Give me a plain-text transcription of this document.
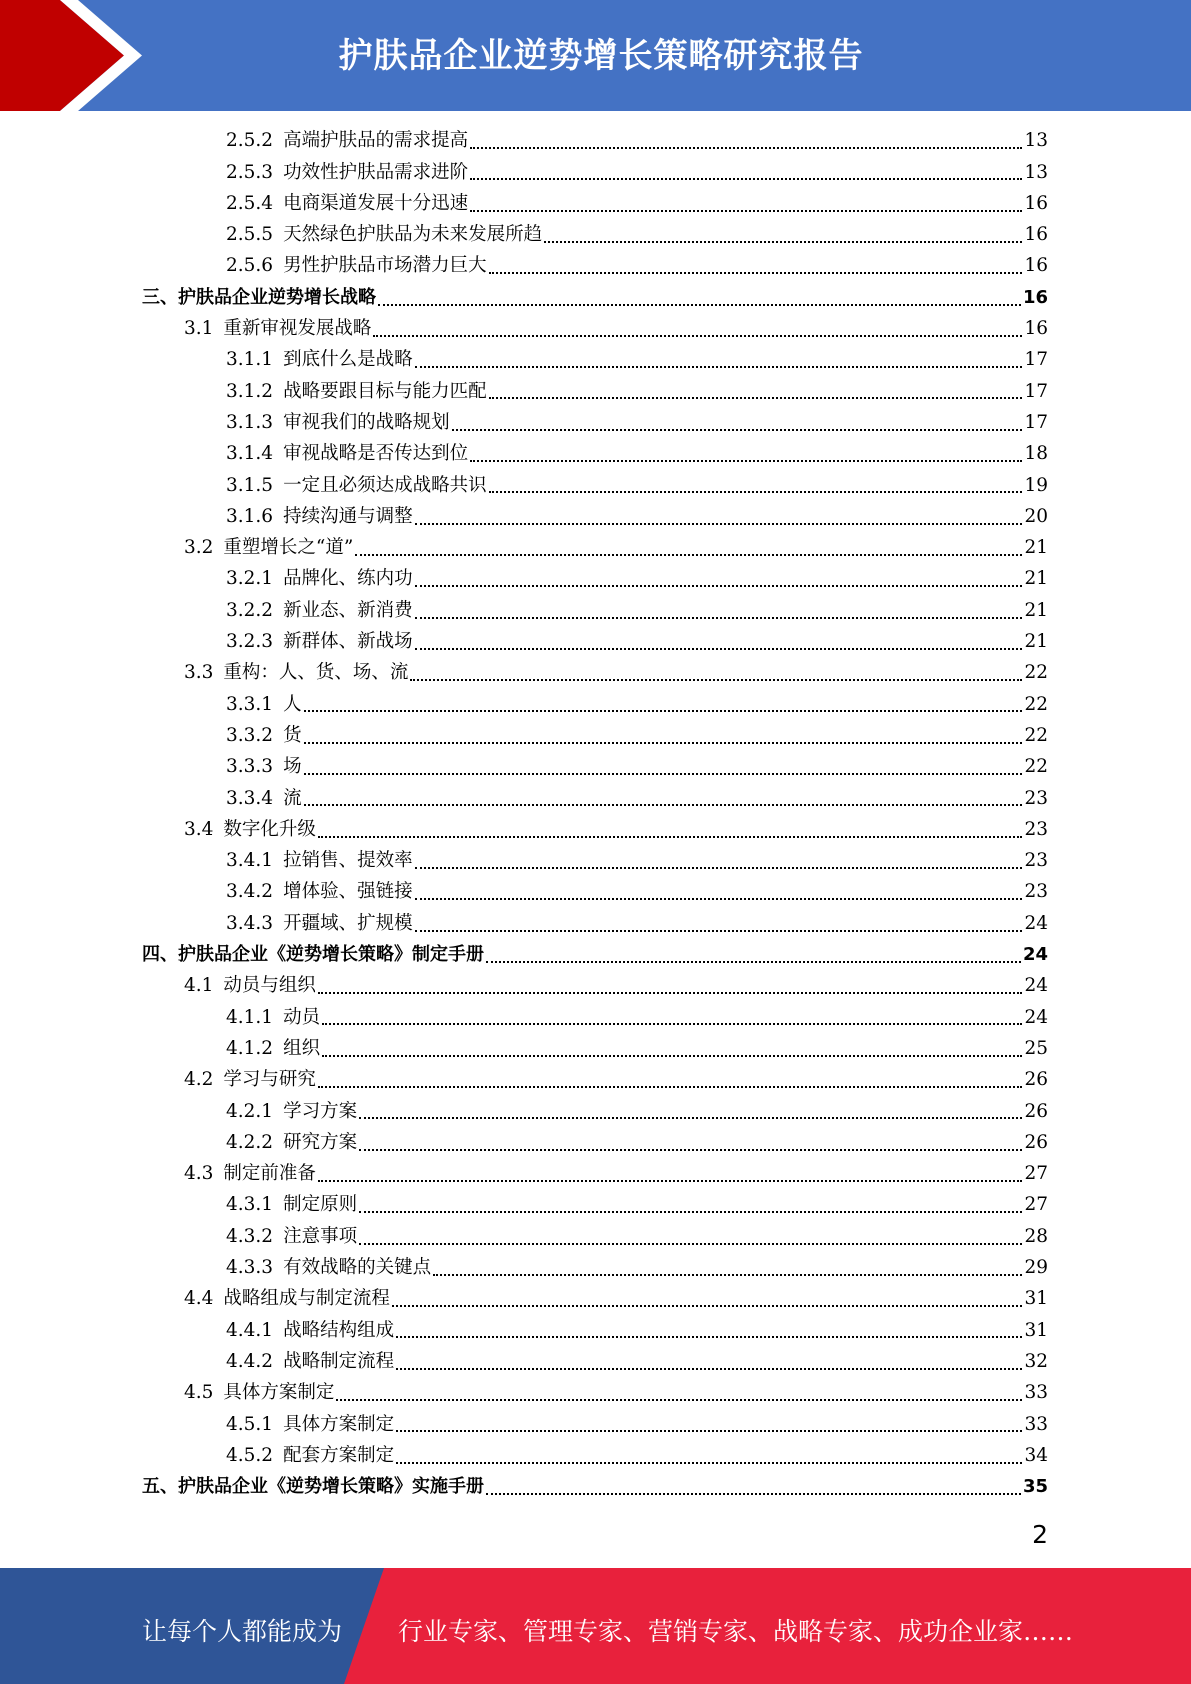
护肤品企业逆势增长策略研究报告
2.5.2 高端护肤品的需求提高	13
2.5.3 功效性护肤品需求进阶	13
2.5.4 电商渠道发展十分迅速	16
2.5.5 天然绿色护肤品为未来发展所趋	16
2.5.6 男性护肤品市场潜力巨大	16
三、护肤品企业逆势增长战略	16
3.1 重新审视发展战略	16
3.1.1 到底什么是战略	17
3.1.2 战略要跟目标与能力匹配	17
3.1.3 审视我们的战略规划	17
3.1.4 审视战略是否传达到位	18
3.1.5 一定且必须达成战略共识	19
3.1.6 持续沟通与调整	20
3.2 重塑增长之“道”	21
3.2.1 品牌化、练内功	21
3.2.2 新业态、新消费	21
3.2.3 新群体、新战场	21
3.3 重构：人、货、场、流	22
3.3.1 人	22
3.3.2 货	22
3.3.3 场	22
3.3.4 流	23
3.4 数字化升级	23
3.4.1 拉销售、提效率	23
3.4.2 增体验、强链接	23
3.4.3 开疆域、扩规模	24
四、护肤品企业《逆势增长策略》制定手册	24
4.1 动员与组织	24
4.1.1 动员	24
4.1.2 组织	25
4.2 学习与研究	26
4.2.1 学习方案	26
4.2.2 研究方案	26
4.3 制定前准备	27
4.3.1 制定原则	27
4.3.2 注意事项	28
4.3.3 有效战略的关键点	29
4.4 战略组成与制定流程	31
4.4.1 战略结构组成	31
4.4.2 战略制定流程	32
4.5 具体方案制定	33
4.5.1 具体方案制定	33
4.5.2 配套方案制定	34
五、护肤品企业《逆势增长策略》实施手册	35
2
让每个人都能成为 行业专家、管理专家、营销专家、战略专家、成功企业家……
